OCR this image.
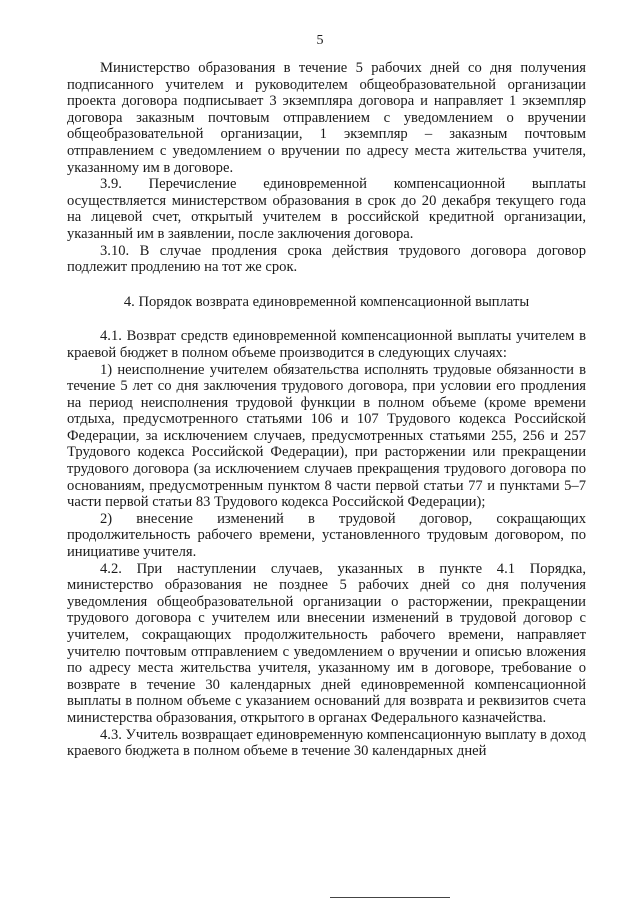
5

Министерство образования в течение 5 рабочих дней со дня получения подписанного учителем и руководителем общеобразовательной организации проекта договора подписывает 3 экземпляра договора и направляет 1 экземпляр договора заказным почтовым отправлением с уведомлением о вручении общеобразовательной организации, 1 экземпляр – заказным почтовым отправлением с уведомлением о вручении по адресу места жительства учителя, указанному им в договоре.

3.9. Перечисление единовременной компенсационной выплаты осуществляется министерством образования в срок до 20 декабря текущего года на лицевой счет, открытый учителем в российской кредитной организации, указанный им в заявлении, после заключения договора.

3.10. В случае продления срока действия трудового договора договор подлежит продлению на тот же срок.

4. Порядок возврата единовременной компенсационной выплаты

4.1. Возврат средств единовременной компенсационной выплаты учителем в краевой бюджет в полном объеме производится в следующих случаях:

1) неисполнение учителем обязательства исполнять трудовые обязанности в течение 5 лет со дня заключения трудового договора, при условии его продления на период неисполнения трудовой функции в полном объеме (кроме времени отдыха, предусмотренного статьями 106 и 107 Трудового кодекса Российской Федерации, за исключением случаев, предусмотренных статьями 255, 256 и 257 Трудового кодекса Российской Федерации), при расторжении или прекращении трудового договора (за исключением случаев прекращения трудового договора по основаниям, предусмотренным пунктом 8 части первой статьи 77 и пунктами 5–7 части первой статьи 83 Трудового кодекса Российской Федерации);

2) внесение изменений в трудовой договор, сокращающих продолжительность рабочего времени, установленного трудовым договором, по инициативе учителя.

4.2. При наступлении случаев, указанных в пункте 4.1 Порядка, министерство образования не позднее 5 рабочих дней со дня получения уведомления общеобразовательной организации о расторжении, прекращении трудового договора с учителем или внесении изменений в трудовой договор с учителем, сокращающих продолжительность рабочего времени, направляет учителю почтовым отправлением с уведомлением о вручении и описью вложения по адресу места жительства учителя, указанному им в договоре, требование о возврате в течение 30 календарных дней единовременной компенсационной выплаты в полном объеме с указанием оснований для возврата и реквизитов счета министерства образования, открытого в органах Федерального казначейства.

4.3. Учитель возвращает единовременную компенсационную выплату в доход краевого бюджета в полном объеме в течение 30 календарных дней
